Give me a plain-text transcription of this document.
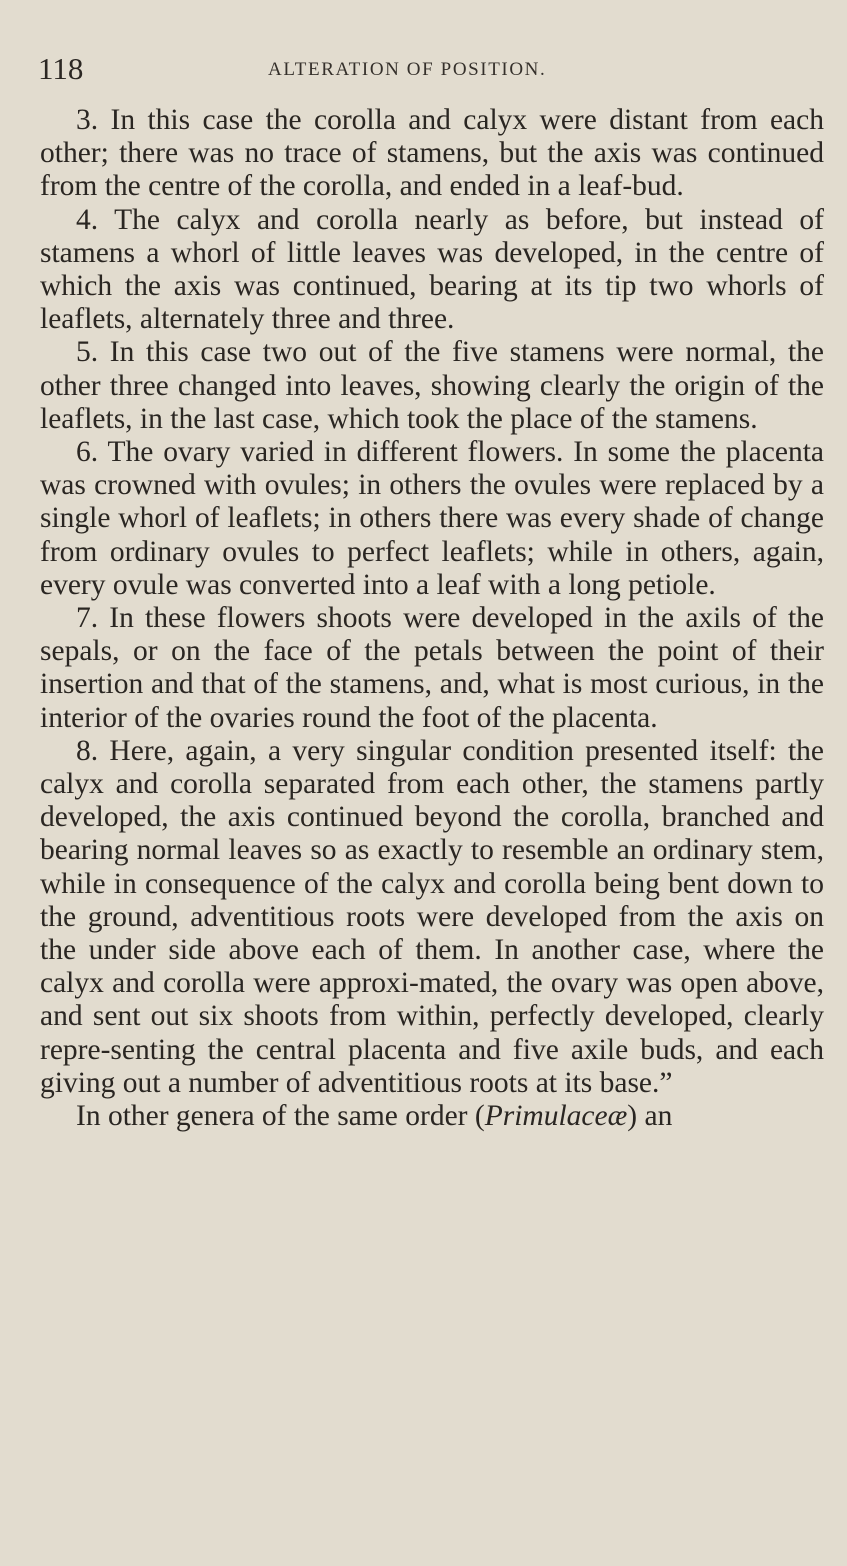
118	ALTERATION OF POSITION.

3. In this case the corolla and calyx were distant from each other; there was no trace of stamens, but the axis was continued from the centre of the corolla, and ended in a leaf-bud.

4. The calyx and corolla nearly as before, but instead of stamens a whorl of little leaves was developed, in the centre of which the axis was continued, bearing at its tip two whorls of leaflets, alternately three and three.

5. In this case two out of the five stamens were normal, the other three changed into leaves, showing clearly the origin of the leaflets, in the last case, which took the place of the stamens.

6. The ovary varied in different flowers. In some the placenta was crowned with ovules; in others the ovules were replaced by a single whorl of leaflets; in others there was every shade of change from ordinary ovules to perfect leaflets; while in others, again, every ovule was converted into a leaf with a long petiole.

7. In these flowers shoots were developed in the axils of the sepals, or on the face of the petals between the point of their insertion and that of the stamens, and, what is most curious, in the interior of the ovaries round the foot of the placenta.

8. Here, again, a very singular condition presented itself: the calyx and corolla separated from each other, the stamens partly developed, the axis continued beyond the corolla, branched and bearing normal leaves so as exactly to resemble an ordinary stem, while in consequence of the calyx and corolla being bent down to the ground, adventitious roots were developed from the axis on the under side above each of them. In another case, where the calyx and corolla were approxi-mated, the ovary was open above, and sent out six shoots from within, perfectly developed, clearly repre-senting the central placenta and five axile buds, and each giving out a number of adventitious roots at its base.”

In other genera of the same order (Primulaceæ) an
